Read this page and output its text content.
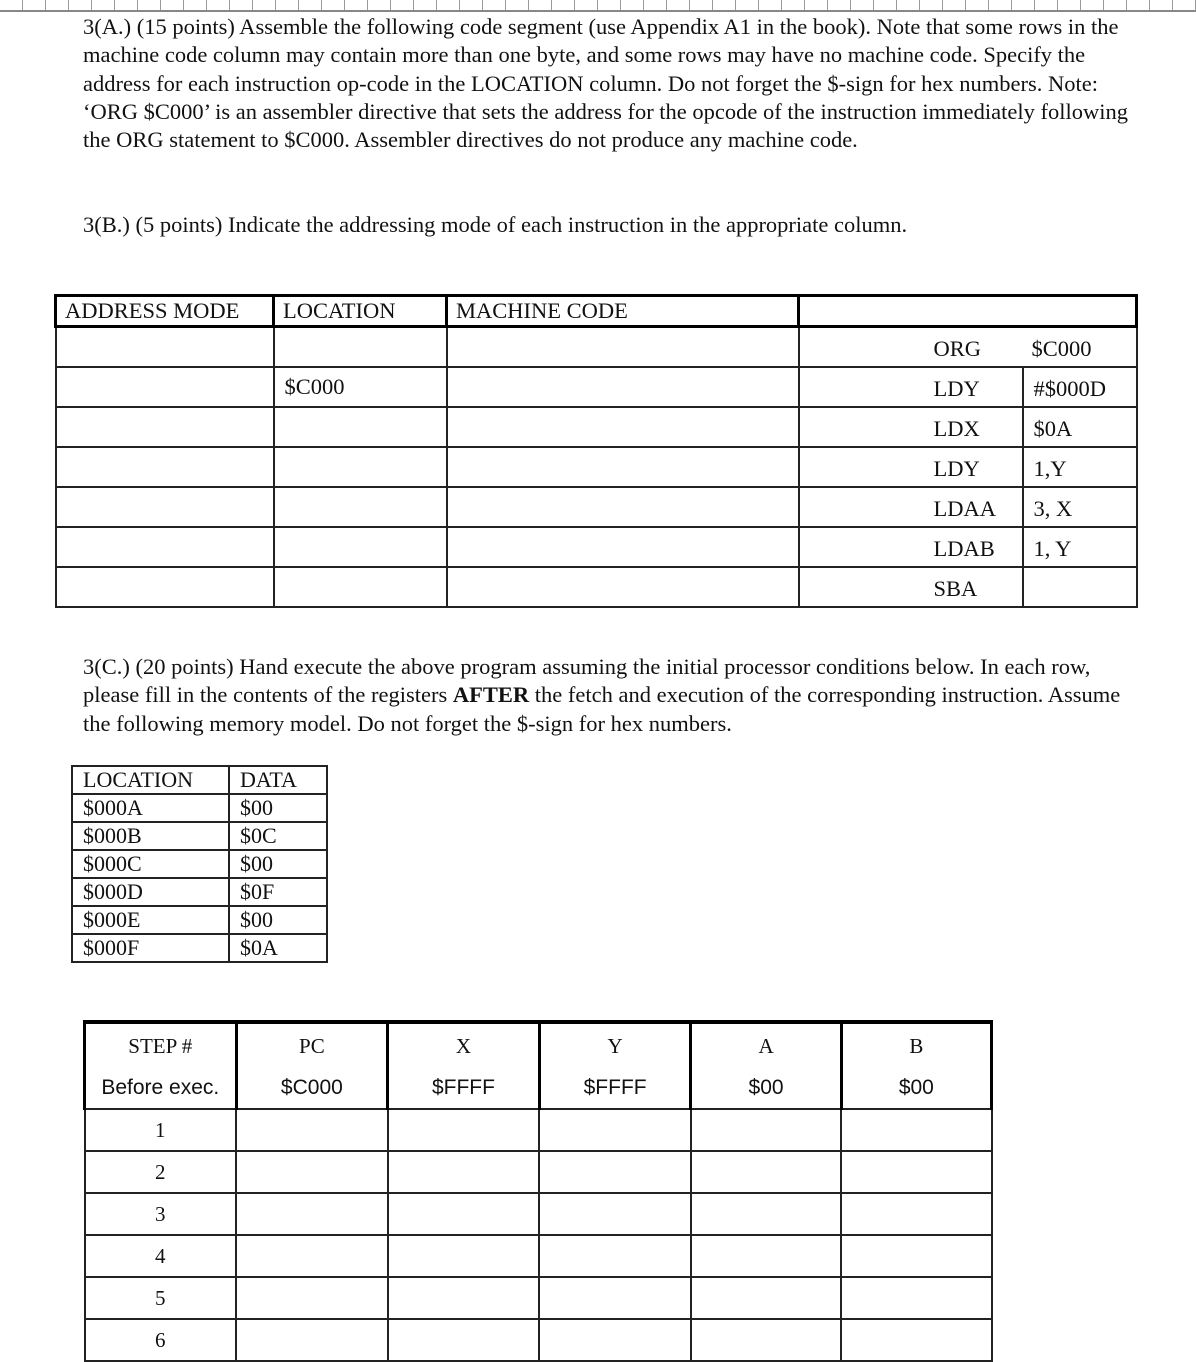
3(A.) (15 points) Assemble the following code segment (use Appendix A1 in the book). Note that some rows in the machine code column may contain more than one byte, and some rows may have no machine code. Specify the address for each instruction op-code in the LOCATION column. Do not forget the $-sign for hex numbers. Note: ‘ORG $C000’ is an assembler directive that sets the address for the opcode of the instruction immediately following the ORG statement to $C000. Assembler directives do not produce any machine code.

3(B.) (5 points) Indicate the addressing mode of each instruction in the appropriate column.

ADDRESS MODE	LOCATION	MACHINE CODE	

			ORG $C000

	$C000		LDY #$000D

			LDX $0A

			LDY 1,Y

			LDAA 3, X

			LDAB 1, Y

			SBA

3(C.) (20 points) Hand execute the above program assuming the initial processor conditions below. In each row, please fill in the contents of the registers AFTER the fetch and execution of the corresponding instruction. Assume the following memory model. Do not forget the $-sign for hex numbers.

LOCATION	DATA
$000A	$00
$000B	$0C
$000C	$00
$000D	$0F
$000E	$00
$000F	$0A
STEP #	PC	X	Y	A	B
Before exec.	$C000	$FFFF	$FFFF	$00	$00
1					
2					
3					
4					
5					
6					
